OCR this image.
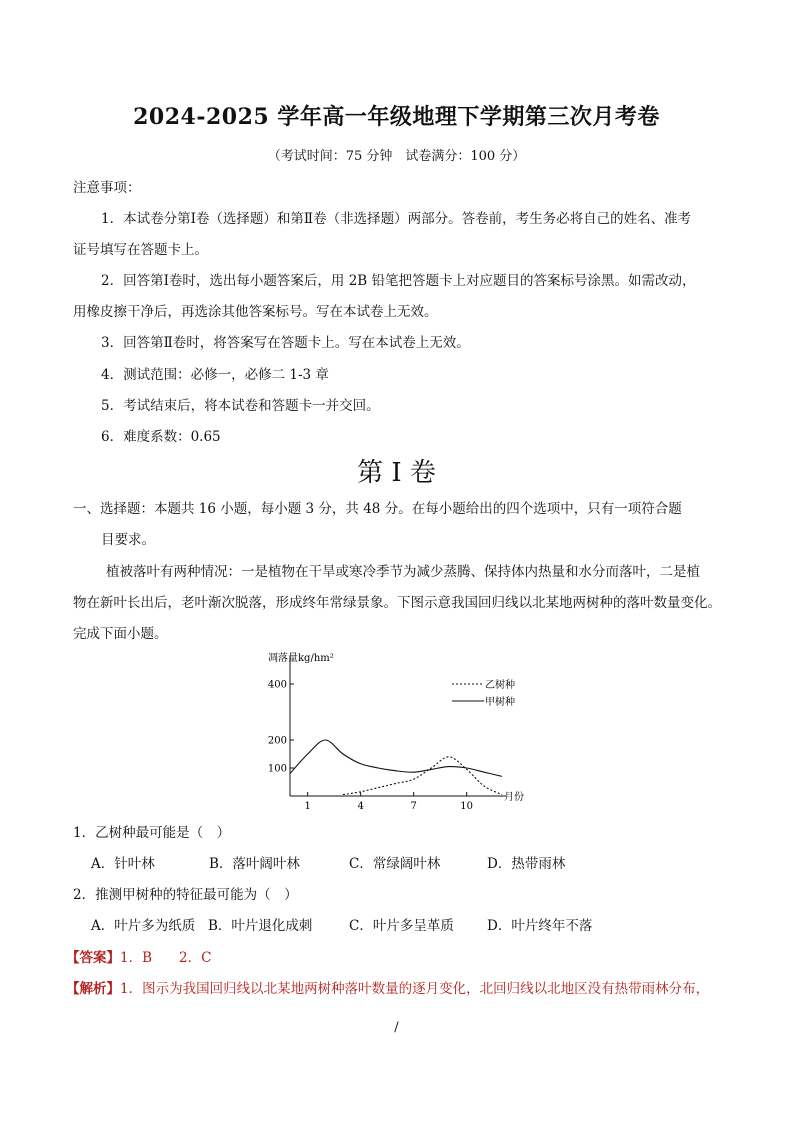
2024-2025 学年高一年级地理下学期第三次月考卷
（考试时间：75 分钟　试卷满分：100 分）
注意事项：
1．本试卷分第Ⅰ卷（选择题）和第Ⅱ卷（非选择题）两部分。答卷前，考生务必将自己的姓名、准考
证号填写在答题卡上。
2．回答第Ⅰ卷时，选出每小题答案后，用 2B 铅笔把答题卡上对应题目的答案标号涂黑。如需改动，
用橡皮擦干净后，再选涂其他答案标号。写在本试卷上无效。
3．回答第Ⅱ卷时，将答案写在答题卡上。写在本试卷上无效。
4．测试范围：必修一，必修二 1-3 章
5．考试结束后，将本试卷和答题卡一并交回。
6．难度系数：0.65
第 I 卷
一、选择题：本题共 16 小题，每小题 3 分，共 48 分。在每小题给出的四个选项中，只有一项符合题
目要求。
植被落叶有两种情况：一是植物在干旱或寒冷季节为减少蒸腾、保持体内热量和水分而落叶，二是植
物在新叶长出后，老叶渐次脱落，形成终年常绿景象。下图示意我国回归线以北某地两树种的落叶数量变化。
完成下面小题。
凋落量kg/hm²
月份
100
200
400
1	4	7	10
乙树种
甲树种
1．乙树种最可能是（　）
A．针叶林	B．落叶阔叶林	C．常绿阔叶林	D．热带雨林
2．推测甲树种的特征最可能为（　）
A．叶片多为纸质 B．叶片退化成刺	C．叶片多呈革质 D．叶片终年不落
【答案】1．B　　2．C
【解析】1．图示为我国回归线以北某地两树种落叶数量的逐月变化，北回归线以北地区没有热带雨林分布，
/
